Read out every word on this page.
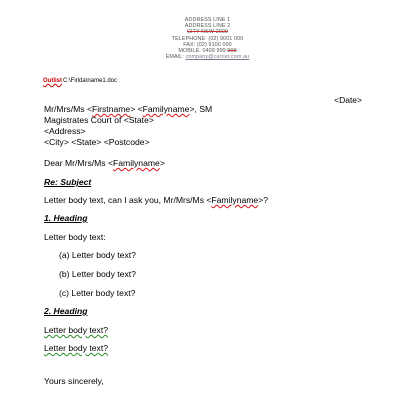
ADDRESS LINE 1
ADDRESS LINE 2
CITY NSW 2000
TELEPHONE: (02) 9001 000
FAX: (02) 9100 000
MOBILE: 0409 999 999
EMAIL: company@carrier.com.au
OutlistC:\Firlda\name1.doc
<Date>
Mr/Mrs/Ms <Firstname> <Familyname>, SM
Magistrates Court of <State>
<Address>
<City> <State> <Postcode>
Dear Mr/Mrs/Ms <Familyname>
Re: Subject
Letter body text, can I ask you, Mr/Mrs/Ms <Familyname>?
1. Heading
Letter body text:
(a) Letter body text?
(b) Letter body text?
(c) Letter body text?
2. Heading
Letter body text?
Letter body text?
Yours sincerely,
